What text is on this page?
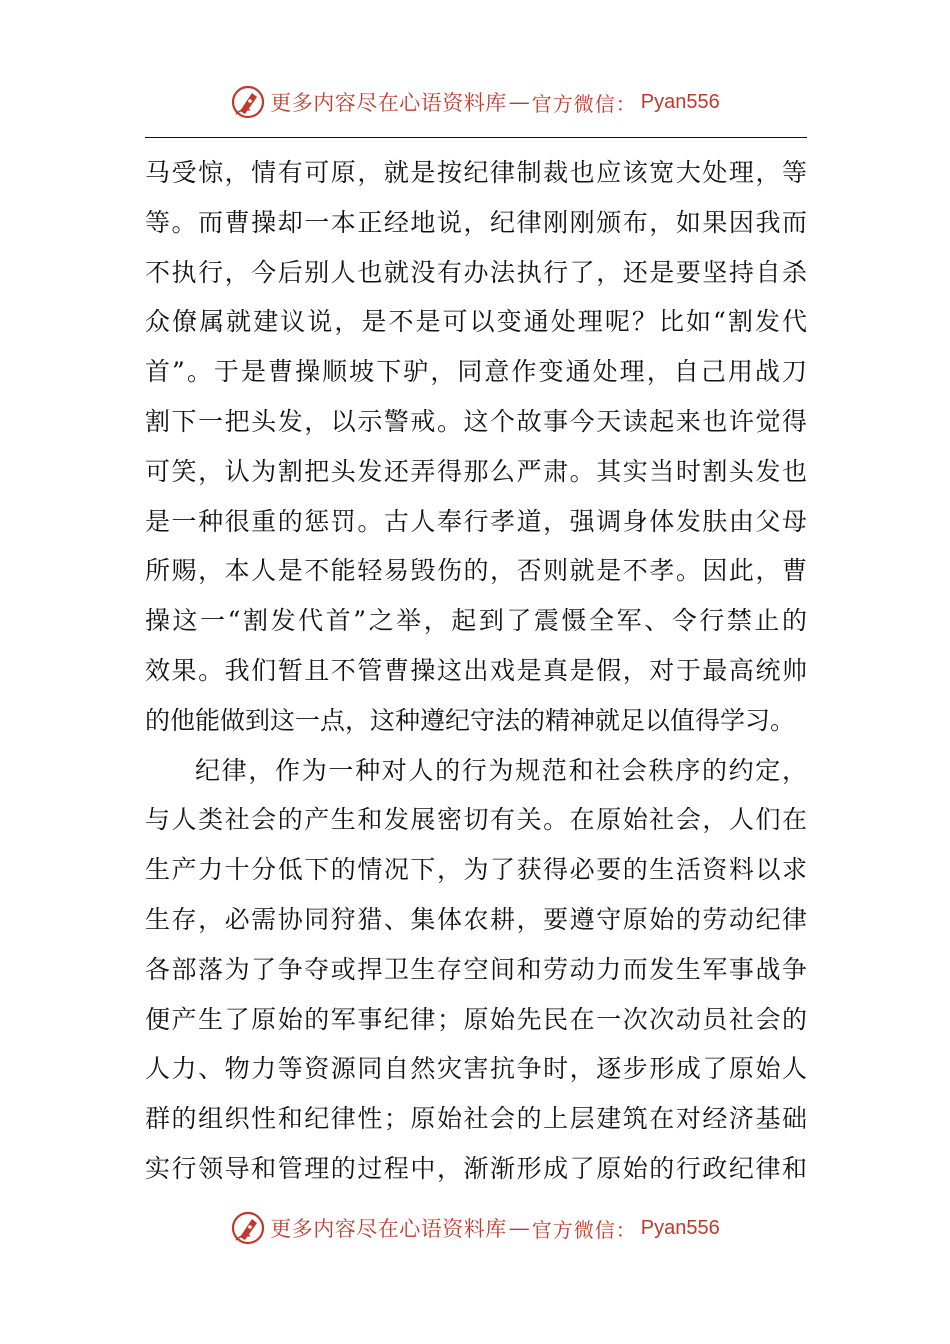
更多内容尽在心语资料库 — 官方微信： Pyan556
马受惊，情有可原，就是按纪律制裁也应该宽大处理，等
等。而曹操却一本正经地说，纪律刚刚颁布，如果因我而
不执行，今后别人也就没有办法执行了，还是要坚持自杀
众僚属就建议说，是不是可以变通处理呢？比如“割发代
首”。于是曹操顺坡下驴，同意作变通处理，自己用战刀
割下一把头发，以示警戒。这个故事今天读起来也许觉得
可笑，认为割把头发还弄得那么严肃。其实当时割头发也
是一种很重的惩罚。古人奉行孝道，强调身体发肤由父母
所赐，本人是不能轻易毁伤的，否则就是不孝。因此，曹
操这一“割发代首”之举，起到了震慑全军、令行禁止的
效果。我们暂且不管曹操这出戏是真是假，对于最高统帅
的他能做到这一点，这种遵纪守法的精神就足以值得学习。
纪律，作为一种对人的行为规范和社会秩序的约定，
与人类社会的产生和发展密切有关。在原始社会，人们在
生产力十分低下的情况下，为了获得必要的生活资料以求
生存，必需协同狩猎、集体农耕，要遵守原始的劳动纪律
各部落为了争夺或捍卫生存空间和劳动力而发生军事战争
便产生了原始的军事纪律；原始先民在一次次动员社会的
人力、物力等资源同自然灾害抗争时，逐步形成了原始人
群的组织性和纪律性；原始社会的上层建筑在对经济基础
实行领导和管理的过程中，渐渐形成了原始的行政纪律和
更多内容尽在心语资料库 — 官方微信： Pyan556
